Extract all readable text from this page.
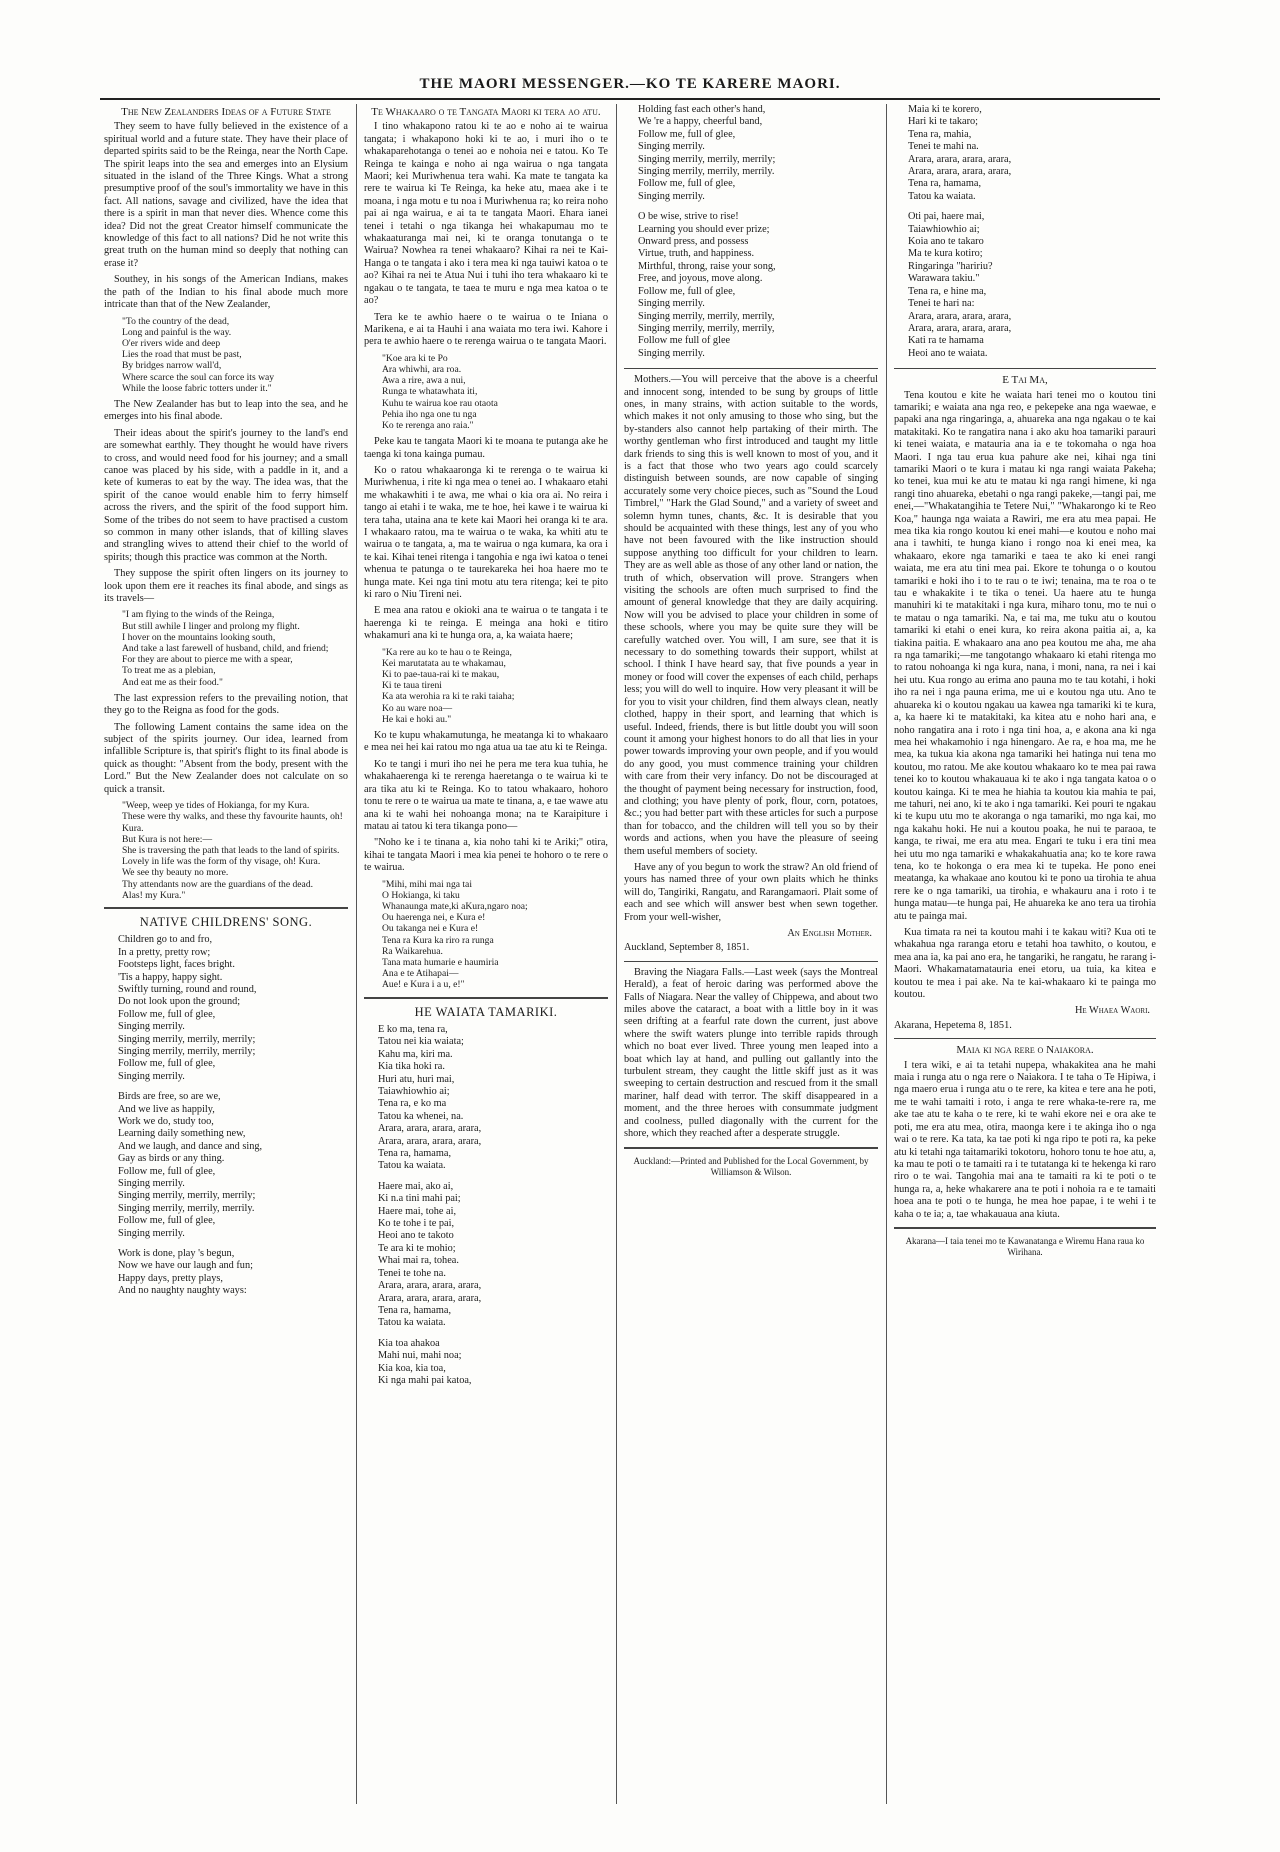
THE MAORI MESSENGER.—KO TE KARERE MAORI.

The New Zealanders Ideas of a Future State

They seem to have fully believed in the existence of a spiritual world and a future state. They have their place of departed spirits said to be the Reinga, near the North Cape. The spirit leaps into the sea and emerges into an Elysium situated in the island of the Three Kings. What a strong presumptive proof of the soul's immortality we have in this fact. All nations, savage and civilized, have the idea that there is a spirit in man that never dies. Whence come this idea? Did not the great Creator himself communicate the knowledge of this fact to all nations? Did he not write this great truth on the human mind so deeply that nothing can erase it?

Southey, in his songs of the American Indians, makes the path of the Indian to his final abode much more intricate than that of the New Zealander,

"To the country of the dead,
Long and painful is the way.
O'er rivers wide and deep
Lies the road that must be past,
By bridges narrow wall'd,
Where scarce the soul can force its way
While the loose fabric totters under it."

The New Zealander has but to leap into the sea, and he emerges into his final abode.

Their ideas about the spirit's journey to the land's end are somewhat earthly. They thought he would have rivers to cross, and would need food for his journey; and a small canoe was placed by his side, with a paddle in it, and a kete of kumeras to eat by the way. The idea was, that the spirit of the canoe would enable him to ferry himself across the rivers, and the spirit of the food support him. Some of the tribes do not seem to have practised a custom so common in many other islands, that of killing slaves and strangling wives to attend their chief to the world of spirits; though this practice was common at the North.

They suppose the spirit often lingers on its journey to look upon them ere it reaches its final abode, and sings as its travels—

"I am flying to the winds of the Reinga,
But still awhile I linger and prolong my flight.
I hover on the mountains looking south,
And take a last farewell of husband, child, and friend;
For they are about to pierce me with a spear,
To treat me as a plebian,
And eat me as their food."

The last expression refers to the prevailing notion, that they go to the Reigna as food for the gods.

The following Lament contains the same idea on the subject of the spirits journey. Our idea, learned from infallible Scripture is, that spirit's flight to its final abode is quick as thought: "Absent from the body, present with the Lord." But the New Zealander does not calculate on so quick a transit.

"Weep, weep ye tides of Hokianga, for my Kura.
These were thy walks, and these thy favourite haunts, oh! Kura.
But Kura is not here:—
She is traversing the path that leads to the land of spirits.
Lovely in life was the form of thy visage, oh! Kura.
We see thy beauty no more.
Thy attendants now are the guardians of the dead.
Alas! my Kura."

NATIVE CHILDRENS' SONG.

Children go to and fro,
In a pretty, pretty row;
Footsteps light, faces bright.
'Tis a happy, happy sight.
Swiftly turning, round and round,
Do not look upon the ground;
Follow me, full of glee,
Singing merrily.
Singing merrily, merrily, merrily;
Singing merrily, merrily, merrily;
Follow me, full of glee,
Singing merrily.

Birds are free, so are we,
And we live as happily,
Work we do, study too,
Learning daily something new,
And we laugh, and dance and sing,
Gay as birds or any thing.
Follow me, full of glee,
Singing merrily.
Singing merrily, merrily, merrily;
Singing merrily, merrily, merrily.
Follow me, full of glee,
Singing merrily.

Work is done, play 's begun,
Now we have our laugh and fun;
Happy days, pretty plays,
And no naughty naughty ways:

Te Whakaaro o te Tangata Maori ki tera ao atu.

I tino whakapono ratou ki te ao e noho ai te wairua tangata; i whakapono hoki ki te ao, i muri iho o te whakaparehotanga o tenei ao e nohoia nei e tatou. Ko Te Reinga te kainga e noho ai nga wairua o nga tangata Maori; kei Muriwhenua tera wahi. Ka mate te tangata ka rere te wairua ki Te Reinga, ka heke atu, maea ake i te moana, i nga motu e tu noa i Muriwhenua ra; ko reira noho pai ai nga wairua, e ai ta te tangata Maori. Ehara ianei tenei i tetahi o nga tikanga hei whakapumau mo te whakaaturanga mai nei, ki te oranga tonutanga o te Wairua? Nowhea ra tenei whakaaro? Kihai ra nei te Kai-Hanga o te tangata i ako i tera mea ki nga tauiwi katoa o te ao? Kihai ra nei te Atua Nui i tuhi iho tera whakaaro ki te ngakau o te tangata, te taea te muru e nga mea katoa o te ao?

Tera ke te awhio haere o te wairua o te Iniana o Marikena, e ai ta Hauhi i ana waiata mo tera iwi. Kahore i pera te awhio haere o te rerenga wairua o te tangata Maori.

"Koe ara ki te Po
Ara whiwhi, ara roa.
Awa a rire, awa a nui,
Runga te whatawhata iti,
Kuhu te wairua koe rau otaota
Pehia iho nga one tu nga
Ko te rerenga ano raia."

Peke kau te tangata Maori ki te moana te putanga ake he taenga ki tona kainga pumau.

Ko o ratou whakaaronga ki te rerenga o te wairua ki Muriwhenua, i rite ki nga mea o tenei ao. I whakaaro etahi me whakawhiti i te awa, me whai o kia ora ai. No reira i tango ai etahi i te waka, me te hoe, hei kawe i te wairua ki tera taha, utaina ana te kete kai Maori hei oranga ki te ara. I whakaaro ratou, ma te wairua o te waka, ka whiti atu te wairua o te tangata, a, ma te wairua o nga kumara, ka ora i te kai. Kihai tenei ritenga i tangohia e nga iwi katoa o tenei whenua te patunga o te taurekareka hei hoa haere mo te hunga mate. Kei nga tini motu atu tera ritenga; kei te pito ki raro o Niu Tireni nei.

E mea ana ratou e okioki ana te wairua o te tangata i te haerenga ki te reinga. E meinga ana hoki e titiro whakamuri ana ki te hunga ora, a, ka waiata haere;

"Ka rere au ko te hau o te Reinga,
Kei marutatata au te whakamau,
Ki to pae-taua-rai ki te makau,
Ki te taua tireni
Ka ata werohia ra ki te raki taiaha;
Ko au ware noa—
He kai e hoki au."

Ko te kupu whakamutunga, he meatanga ki to whakaaro e mea nei hei kai ratou mo nga atua ua tae atu ki te Reinga.

Ko te tangi i muri iho nei he pera me tera kua tuhia, he whakahaerenga ki te rerenga haeretanga o te wairua ki te ara tika atu ki te Reinga. Ko to tatou whakaaro, hohoro tonu te rere o te wairua ua mate te tinana, a, e tae wawe atu ana ki te wahi hei nohoanga mona; na te Karaipiture i matau ai tatou ki tera tikanga pono—

"Noho ke i te tinana a, kia noho tahi ki te Ariki;" otira, kihai te tangata Maori i mea kia penei te hohoro o te rere o te wairua.

"Mihi, mihi mai nga tai
O Hokianga, ki taku
Whanaunga mate,ki aKura,ngaro noa;
Ou haerenga nei, e Kura e!
Ou takanga nei e Kura e!
Tena ra Kura ka riro ra runga
Ra Waikarehua.
Tana mata humarie e haumiria
Ana e te Atihapai—
Aue! e Kura i a u, e!"

HE WAIATA TAMARIKI.

E ko ma, tena ra,
Tatou nei kia waiata;
Kahu ma, kiri ma.
Kia tika hoki ra.
Huri atu, huri mai,
Taiawhiowhio ai;
Tena ra, e ko ma
Tatou ka whenei, na.
Arara, arara, arara, arara,
Arara, arara, arara, arara,
Tena ra, hamama,
Tatou ka waiata.

Haere mai, ako ai,
Ki n.a tini mahi pai;
Haere mai, tohe ai,
Ko te tohe i te pai,
Heoi ano te takoto
Te ara ki te mohio;
Whai mai ra, tohea.
Tenei te tohe na.
Arara, arara, arara, arara,
Arara, arara, arara, arara,
Tena ra, hamama,
Tatou ka waiata.

Kia toa ahakoa
Mahi nui, mahi noa;
Kia koa, kia toa,
Ki nga mahi pai katoa,

Holding fast each other's hand,
We 're a happy, cheerful band,
Follow me, full of glee,
Singing merrily.
Singing merrily, merrily, merrily;
Singing merrily, merrily, merrily.
Follow me, full of glee,
Singing merrily.

O be wise, strive to rise!
Learning you should ever prize;
Onward press, and possess
Virtue, truth, and happiness.
Mirthful, throng, raise your song,
Free, and joyous, move along.
Follow me, full of glee,
Singing merrily.
Singing merrily, merrily, merrily,
Singing merrily, merrily, merrily,
Follow me full of glee
Singing merrily.

Mothers.—You will perceive that the above is a cheerful and innocent song, intended to be sung by groups of little ones, in many strains, with action suitable to the words, which makes it not only amusing to those who sing, but the by-standers also cannot help partaking of their mirth. The worthy gentleman who first introduced and taught my little dark friends to sing this is well known to most of you, and it is a fact that those who two years ago could scarcely distinguish between sounds, are now capable of singing accurately some very choice pieces, such as "Sound the Loud Timbrel," "Hark the Glad Sound," and a variety of sweet and solemn hymn tunes, chants, &c. It is desirable that you should be acquainted with these things, lest any of you who have not been favoured with the like instruction should suppose anything too difficult for your children to learn. They are as well able as those of any other land or nation, the truth of which, observation will prove. Strangers when visiting the schools are often much surprised to find the amount of general knowledge that they are daily acquiring. Now will you be advised to place your children in some of these schools, where you may be quite sure they will be carefully watched over. You will, I am sure, see that it is necessary to do something towards their support, whilst at school. I think I have heard say, that five pounds a year in money or food will cover the expenses of each child, perhaps less; you will do well to inquire. How very pleasant it will be for you to visit your children, find them always clean, neatly clothed, happy in their sport, and learning that which is useful. Indeed, friends, there is but little doubt you will soon count it among your highest honors to do all that lies in your power towards improving your own people, and if you would do any good, you must commence training your children with care from their very infancy. Do not be discouraged at the thought of payment being necessary for instruction, food, and clothing; you have plenty of pork, flour, corn, potatoes, &c.; you had better part with these articles for such a purpose than for tobacco, and the children will tell you so by their words and actions, when you have the pleasure of seeing them useful members of society.

Have any of you begun to work the straw? An old friend of yours has named three of your own plaits which he thinks will do, Tangiriki, Rangatu, and Rarangamaori. Plait some of each and see which will answer best when sewn together. From your well-wisher,

An English Mother.

Auckland, September 8, 1851.

Braving the Niagara Falls.—Last week (says the Montreal Herald), a feat of heroic daring was performed above the Falls of Niagara. Near the valley of Chippewa, and about two miles above the cataract, a boat with a little boy in it was seen drifting at a fearful rate down the current, just above where the swift waters plunge into terrible rapids through which no boat ever lived. Three young men leaped into a boat which lay at hand, and pulling out gallantly into the turbulent stream, they caught the little skiff just as it was sweeping to certain destruction and rescued from it the small mariner, half dead with terror. The skiff disappeared in a moment, and the three heroes with consummate judgment and coolness, pulled diagonally with the current for the shore, which they reached after a desperate struggle.

Auckland:—Printed and Published for the Local Government, by Williamson & Wilson.

Maia ki te korero,
Hari ki te takaro;
Tena ra, mahia,
Tenei te mahi na.
Arara, arara, arara, arara,
Arara, arara, arara, arara,
Tena ra, hamama,
Tatou ka waiata.

Oti pai, haere mai,
Taiawhiowhio ai;
Koia ano te takaro
Ma te kura kotiro;
Ringaringa "haririu?
Warawara takiu."
Tena ra, e hine ma,
Tenei te hari na:
Arara, arara, arara, arara,
Arara, arara, arara, arara,
Kati ra te hamama
Heoi ano te waiata.

E Tai Ma,

Tena koutou e kite he waiata hari tenei mo o koutou tini tamariki; e waiata ana nga reo, e pekepeke ana nga waewae, e papaki ana nga ringaringa, a, ahuareka ana nga ngakau o te kai matakitaki. Ko te rangatira nana i ako aku hoa tamariki parauri ki tenei waiata, e matauria ana ia e te tokomaha o nga hoa Maori. I nga tau erua kua pahure ake nei, kihai nga tini tamariki Maori o te kura i matau ki nga rangi waiata Pakeha; ko tenei, kua mui ke atu te matau ki nga rangi himene, ki nga rangi tino ahuareka, ebetahi o nga rangi pakeke,—tangi pai, me enei,—"Whakatangihia te Tetere Nui," "Whakarongo ki te Reo Koa," haunga nga waiata a Rawiri, me era atu mea papai. He mea tika kia rongo koutou ki enei mahi—e koutou e noho mai ana i tawhiti, te hunga kiano i rongo noa ki enei mea, ka whakaaro, ekore nga tamariki e taea te ako ki enei rangi waiata, me era atu tini mea pai. Ekore te tohunga o o koutou tamariki e hoki iho i to te rau o te iwi; tenaina, ma te roa o te tau e whakakite i te tika o tenei. Ua haere atu te hunga manuhiri ki te matakitaki i nga kura, miharo tonu, mo te nui o te matau o nga tamariki. Na, e tai ma, me tuku atu o koutou tamariki ki etahi o enei kura, ko reira akona paitia ai, a, ka tiakina paitia. E whakaaro ana ano pea koutou me aha, me aha ra nga tamariki;—me tangotango whakaaro ki etahi ritenga mo to ratou nohoanga ki nga kura, nana, i moni, nana, ra nei i kai hei utu. Kua rongo au erima ano pauna mo te tau kotahi, i hoki iho ra nei i nga pauna erima, me ui e koutou nga utu. Ano te ahuareka ki o koutou ngakau ua kawea nga tamariki ki te kura, a, ka haere ki te matakitaki, ka kitea atu e noho hari ana, e noho rangatira ana i roto i nga tini hoa, a, e akona ana ki nga mea hei whakamohio i nga hinengaro. Ae ra, e hoa ma, me he mea, ka tukua kia akona nga tamariki hei hatinga nui tena mo koutou, mo ratou. Me ake koutou whakaaro ko te mea pai rawa tenei ko to koutou whakauaua ki te ako i nga tangata katoa o o koutou kainga. Ki te mea he hiahia ta koutou kia mahia te pai, me tahuri, nei ano, ki te ako i nga tamariki. Kei pouri te ngakau ki te kupu utu mo te akoranga o nga tamariki, mo nga kai, mo nga kakahu hoki. He nui a koutou poaka, he nui te paraoa, te kanga, te riwai, me era atu mea. Engari te tuku i era tini mea hei utu mo nga tamariki e whakakahuatia ana; ko te kore rawa tena, ko te hokonga o era mea ki te tupeka. He pono enei meatanga, ka whakaae ano koutou ki te pono ua tirohia te ahua rere ke o nga tamariki, ua tirohia, e whakauru ana i roto i te hunga matau—te hunga pai, He ahuareka ke ano tera ua tirohia atu te painga mai.

Kua timata ra nei ta koutou mahi i te kakau witi? Kua oti te whakahua nga raranga etoru e tetahi hoa tawhito, o koutou, e mea ana ia, ka pai ano era, he tangariki, he rangatu, he rarang i-Maori. Whakamatamatauria enei etoru, ua tuia, ka kitea e koutou te mea i pai ake. Na te kai-whakaaro ki te painga mo koutou.

He Whaea Waori.

Akarana, Hepetema 8, 1851.

Maia ki nga rere o Naiakora.

I tera wiki, e ai ta tetahi nupepa, whakakitea ana he mahi maia i runga atu o nga rere o Naiakora. I te taha o Te Hipiwa, i nga maero erua i runga atu o te rere, ka kitea e tere ana he poti, me te wahi tamaiti i roto, i anga te rere whaka-te-rere ra, me ake tae atu te kaha o te rere, ki te wahi ekore nei e ora ake te poti, me era atu mea, otira, maonga kere i te akinga iho o nga wai o te rere. Ka tata, ka tae poti ki nga ripo te poti ra, ka peke atu ki tetahi nga taitamariki tokotoru, hohoro tonu te hoe atu, a, ka mau te poti o te tamaiti ra i te tutatanga ki te hekenga ki raro riro o te wai. Tangohia mai ana te tamaiti ra ki te poti o te hunga ra, a, heke whakarere ana te poti i nohoia ra e te tamaiti hoea ana te poti o te hunga, he mea hoe papae, i te wehi i te kaha o te ia; a, tae whakauaua ana kiuta.

Akarana—I taia tenei mo te Kawanatanga e Wiremu Hana raua ko Wirihana.
